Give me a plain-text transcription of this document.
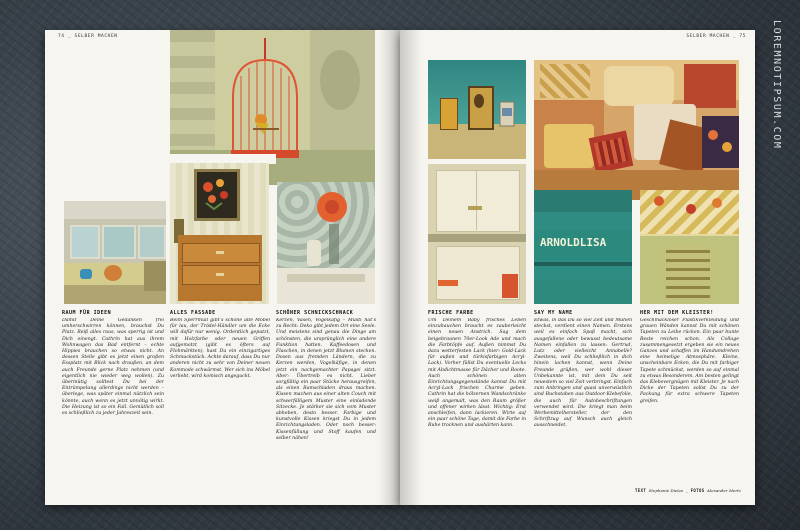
74 _ SELBER MACHEN
RAUM FÜR IDEEN
Damit Deine Gedanken frei umherschwirren können, brauchst Du Platz. Reiß alles raus, was sperrig ist und Dich einengt. Cathrin hat aus ihrem Wohnwagen das Bad entfernt – echte Hippies brauchen so etwas nicht. An dessen Stelle gibt es jetzt einen großen Essplatz mit Blick nach draußen, an dem auch Freunde gerne Platz nehmen (und eigentlich nie wieder weg wollen). Zu übermütig solltest Du bei der Entrümpelung allerdings nicht werden – überlege, was später einmal nützlich sein könnte, auch wenn es jetzt unnötig wirkt. Die Heizung ist so ein Fall. Gemütlich soll es schließlich zu jeder Jahreszeit sein.
ALLES FASSADE
Beim Sperrmüll gibt’s schöne alte Möbel für lau, der Trödel-Händler um die Ecke will dafür nur wenig. Ordentlich geputzt, mit Holzfarbe oder neuen Griffen aufgemotzt (gibt es öfters auf Flohmärkten), hast Du ein einzigartiges Schmuckstück. Achte darauf, dass Du nur anderen nicht zu sehr von Deiner neuen Kommode schwärmst. Wer sich ins Möbel verliebt, wird komisch angeguckt.
SCHÖNER SCHNICKSCHNACK
Kerzen, Vasen, Vogelkäfig – Musti hat’s zu Recht: Deko gibt jedem Ort eine Seele. Und meistens sind genau die Dinge am schönsten, die ursprünglich eine andere Funktion hatten. Kaffeedosen und Flaschen, in denen jetzt Blumen stecken. Dosen aus fremden Ländern, die zu Kerzen werden, Vogelkäfige, in denen jetzt ein nachgemachter Papagei sitzt. Aber: Übertreib es nicht. Lieber sorgfältig ein paar Stücke herausgreifen, als einen Ramschladen draus machen. Kissen machen aus einer alten Couch mit schwerfälligem Muster eine einladende Sitzecke. Je stärker sie sich vom Muster abheben, desto besser. Farbige und kunstvolle Kissen kriegst Du in jedem Einrichtungsladen. Oder noch besser: Kissenfüllung und Stoff kaufen und selber nähen!
SELBER MACHEN _ 75
ARNOLDLISA
FRISCHE FARBE
Um Deinem Baby frisches Leben einzuhauchen braucht es zauberleicht einen neuen Anstrich. Sag dem beigebraunen 70er-Look Ade und mach die Farbtöpfe auf. Außen nimmst Du dazu wetterfesten Lack (hier: Gold-Lack für außen und türkisfarbigen Acryl-Lack). Vorher füllst Du eventuelle Lecks mit Abdichtmasse für Dächer und Boote. Auch schönen alten Einrichtungsgegenstände kannst Du mit Acryl-Lack frischen Charme geben. Cathrin hat die hölzernen Wandschränke weiß angemalt, was den Raum größer und offener wirken lässt. Wichtig: Erst anschleifen, dann lackieren. Wirte auf ein paar schöne Tage, damit die Farbe in Ruhe trocknen und aushärten kann.
SAY MY NAME
Etwas, in das Du so viel Zeit und Mühen steckst, verdient einen Namen. Erstens weil es einfach Spaß macht, sich ausgefallene oder bewusst bedeutsame Namen einfallen zu lassen: Gertrud, Lutz oder vielleicht Annabelle? Zweitens, weil Du schließlich in dich hinein lachen kannst, wenn Deine Freunde grüßen, wer wohl dieser Unbekannte ist, mit dem Du seit neuestem so viel Zeit verbringst. Einfach zum Anbringen und quasi unverwüstlich sind Buchstaben aus Outdoor-Klebefolie, die auch für Autobeschriftungen verwendet wird. Die kriegt man beim Werbemittelhersteller, der den Schriftzug auf Wunsch auch gleich ausschneidet.
HER MIT DEM KLEISTER!
Geschmackloser Plastikverkleidung und grauen Wänden kannst Du mit schönen Tapeten zu Leibe rücken. Ein paar bunte Reste reichen schon. Als Collage zusammengesetzt ergeben sie ein neues Ganzes und schaffen im Handumdrehen eine heimelige Atmosphäre. Kleine, unscheinbare Ecken, die Du mit farbiger Tapete schmückst, werden so auf einmal zu etwas Besonderem. Am besten gelingt das Klebevergnügen mit Kleister. Je nach Dicke der Tapeten sollst Du zu der Packung für extra schwere Tapeten greifen.
TEXT Stephanie Dietze _ FOTOS Alexander Mertz
LOREMNOTIPSUM.COM
